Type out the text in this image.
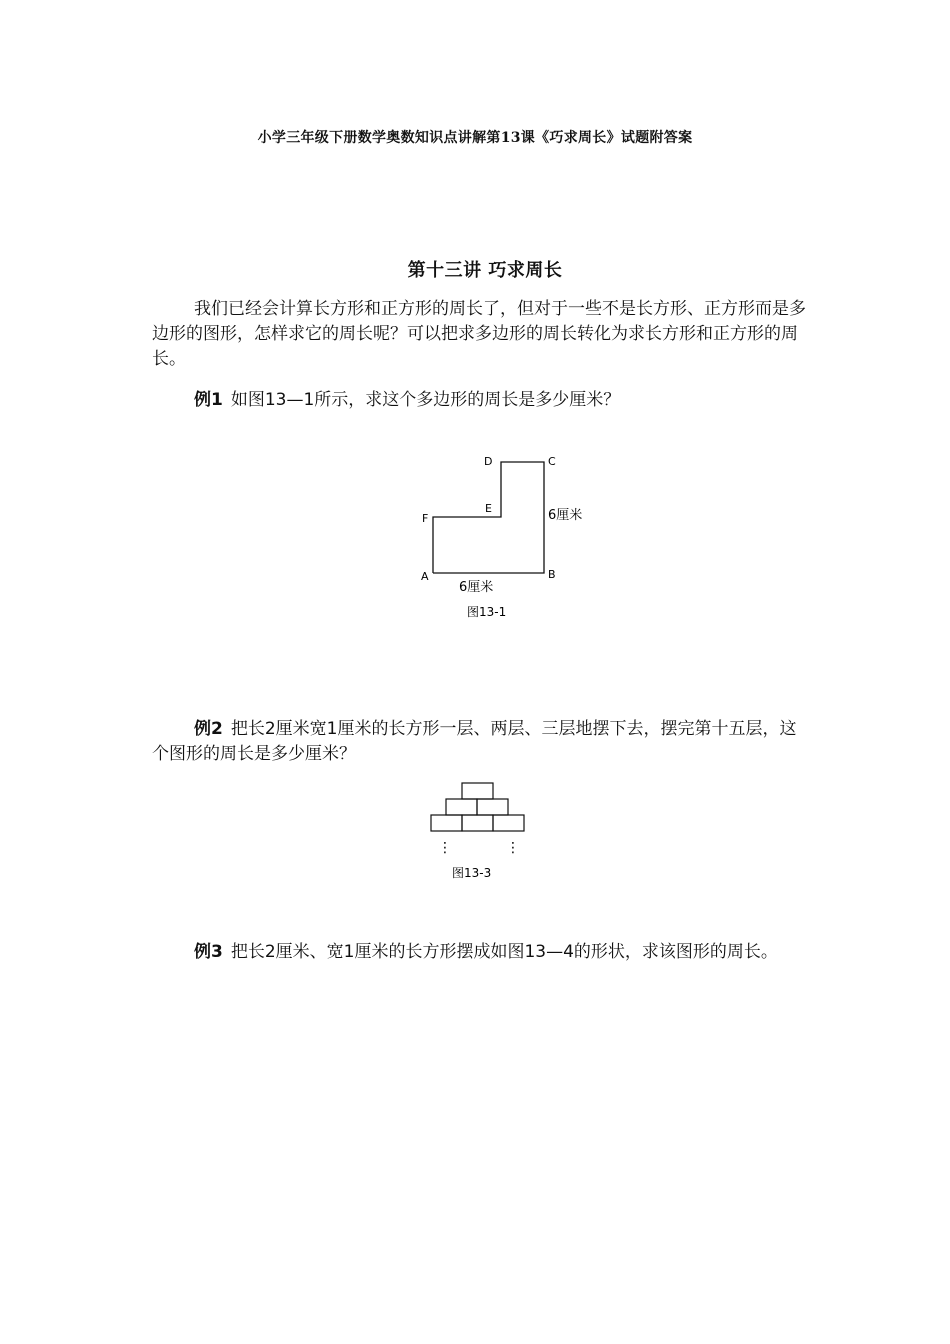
小学三年级下册数学奥数知识点讲解第13课《巧求周长》试题附答案
第十三讲 巧求周长

我们已经会计算长方形和正方形的周长了，但对于一些不是长方形、正方形而是多边形的图形，怎样求它的周长呢？可以把求多边形的周长转化为求长方形和正方形的周长。

例1 如图13—1所示，求这个多边形的周长是多少厘米？

D	C
E
F
A	B
6厘米
6厘米
图13-1

例2 把长2厘米宽1厘米的长方形一层、两层、三层地摆下去，摆完第十五层，这个图形的周长是多少厘米？

⋮	⋮
图13-3

例3 把长2厘米、宽1厘米的长方形摆成如图13—4的形状，求该图形的周长。
